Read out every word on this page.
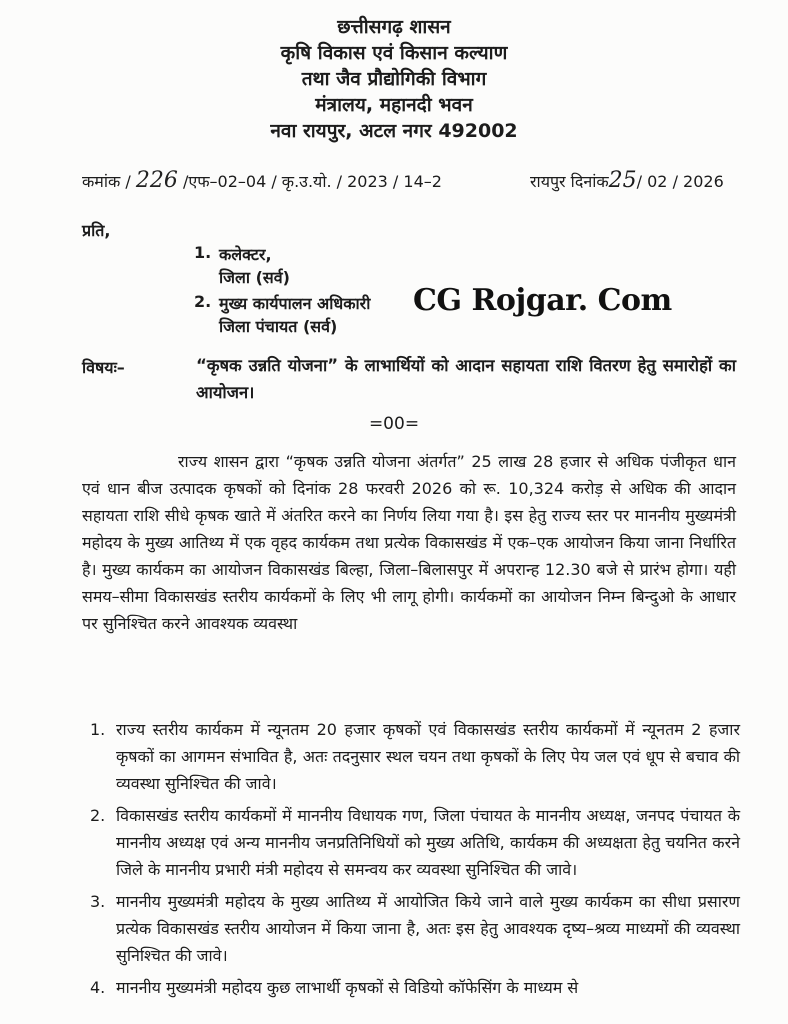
छत्तीसगढ़ शासन
कृषि विकास एवं किसान कल्याण
तथा जैव प्रौद्योगिकी विभाग
मंत्रालय, महानदी भवन
नवा रायपुर, अटल नगर 492002
कमांक / 226 /एफ–02–04 / कृ.उ.यो. / 2023 / 14–2	रायपुर दिनांक25/ 02 / 2026
प्रति,
1. कलेक्टर,
जिला (सर्व)
2. मुख्य कार्यपालन अधिकारी
जिला पंचायत (सर्व)
CG Rojgar. Com
विषयः–	“कृषक उन्नति योजना” के लाभार्थियों को आदान सहायता राशि वितरण हेतु समारोहों का आयोजन।
=00=
राज्य शासन द्वारा “कृषक उन्नति योजना अंतर्गत” 25 लाख 28 हजार से अधिक पंजीकृत धान एवं धान बीज उत्पादक कृषकों को दिनांक 28 फरवरी 2026 को रू. 10,324 करोड़ से अधिक की आदान सहायता राशि सीधे कृषक खाते में अंतरित करने का निर्णय लिया गया है। इस हेतु राज्य स्तर पर माननीय मुख्यमंत्री महोदय के मुख्य आतिथ्य में एक वृहद कार्यकम तथा प्रत्येक विकासखंड में एक–एक आयोजन किया जाना निर्धारित है। मुख्य कार्यकम का आयोजन विकासखंड बिल्हा, जिला–बिलासपुर में अपरान्ह 12.30 बजे से प्रारंभ होगा। यही समय–सीमा विकासखंड स्तरीय कार्यकमों के लिए भी लागू होगी। कार्यकमों का आयोजन निम्न बिन्दुओ के आधार पर सुनिश्चित करने आवश्यक व्यवस्था
1. राज्य स्तरीय कार्यकम में न्यूनतम 20 हजार कृषकों एवं विकासखंड स्तरीय कार्यकमों में न्यूनतम 2 हजार कृषकों का आगमन संभावित है, अतः तदनुसार स्थल चयन तथा कृषकों के लिए पेय जल एवं धूप से बचाव की व्यवस्था सुनिश्चित की जावे।
2. विकासखंड स्तरीय कार्यकमों में माननीय विधायक गण, जिला पंचायत के माननीय अध्यक्ष, जनपद पंचायत के माननीय अध्यक्ष एवं अन्य माननीय जनप्रतिनिधियों को मुख्य अतिथि, कार्यकम की अध्यक्षता हेतु चयनित करने जिले के माननीय प्रभारी मंत्री महोदय से समन्वय कर व्यवस्था सुनिश्चित की जावे।
3. माननीय मुख्यमंत्री महोदय के मुख्य आतिथ्य में आयोजित किये जाने वाले मुख्य कार्यकम का सीधा प्रसारण प्रत्येक विकासखंड स्तरीय आयोजन में किया जाना है, अतः इस हेतु आवश्यक दृष्य–श्रव्य माध्यमों की व्यवस्था सुनिश्चित की जावे।
4. माननीय मुख्यमंत्री महोदय कुछ लाभार्थी कृषकों से विडियो कॉफेसिंग के माध्यम से
